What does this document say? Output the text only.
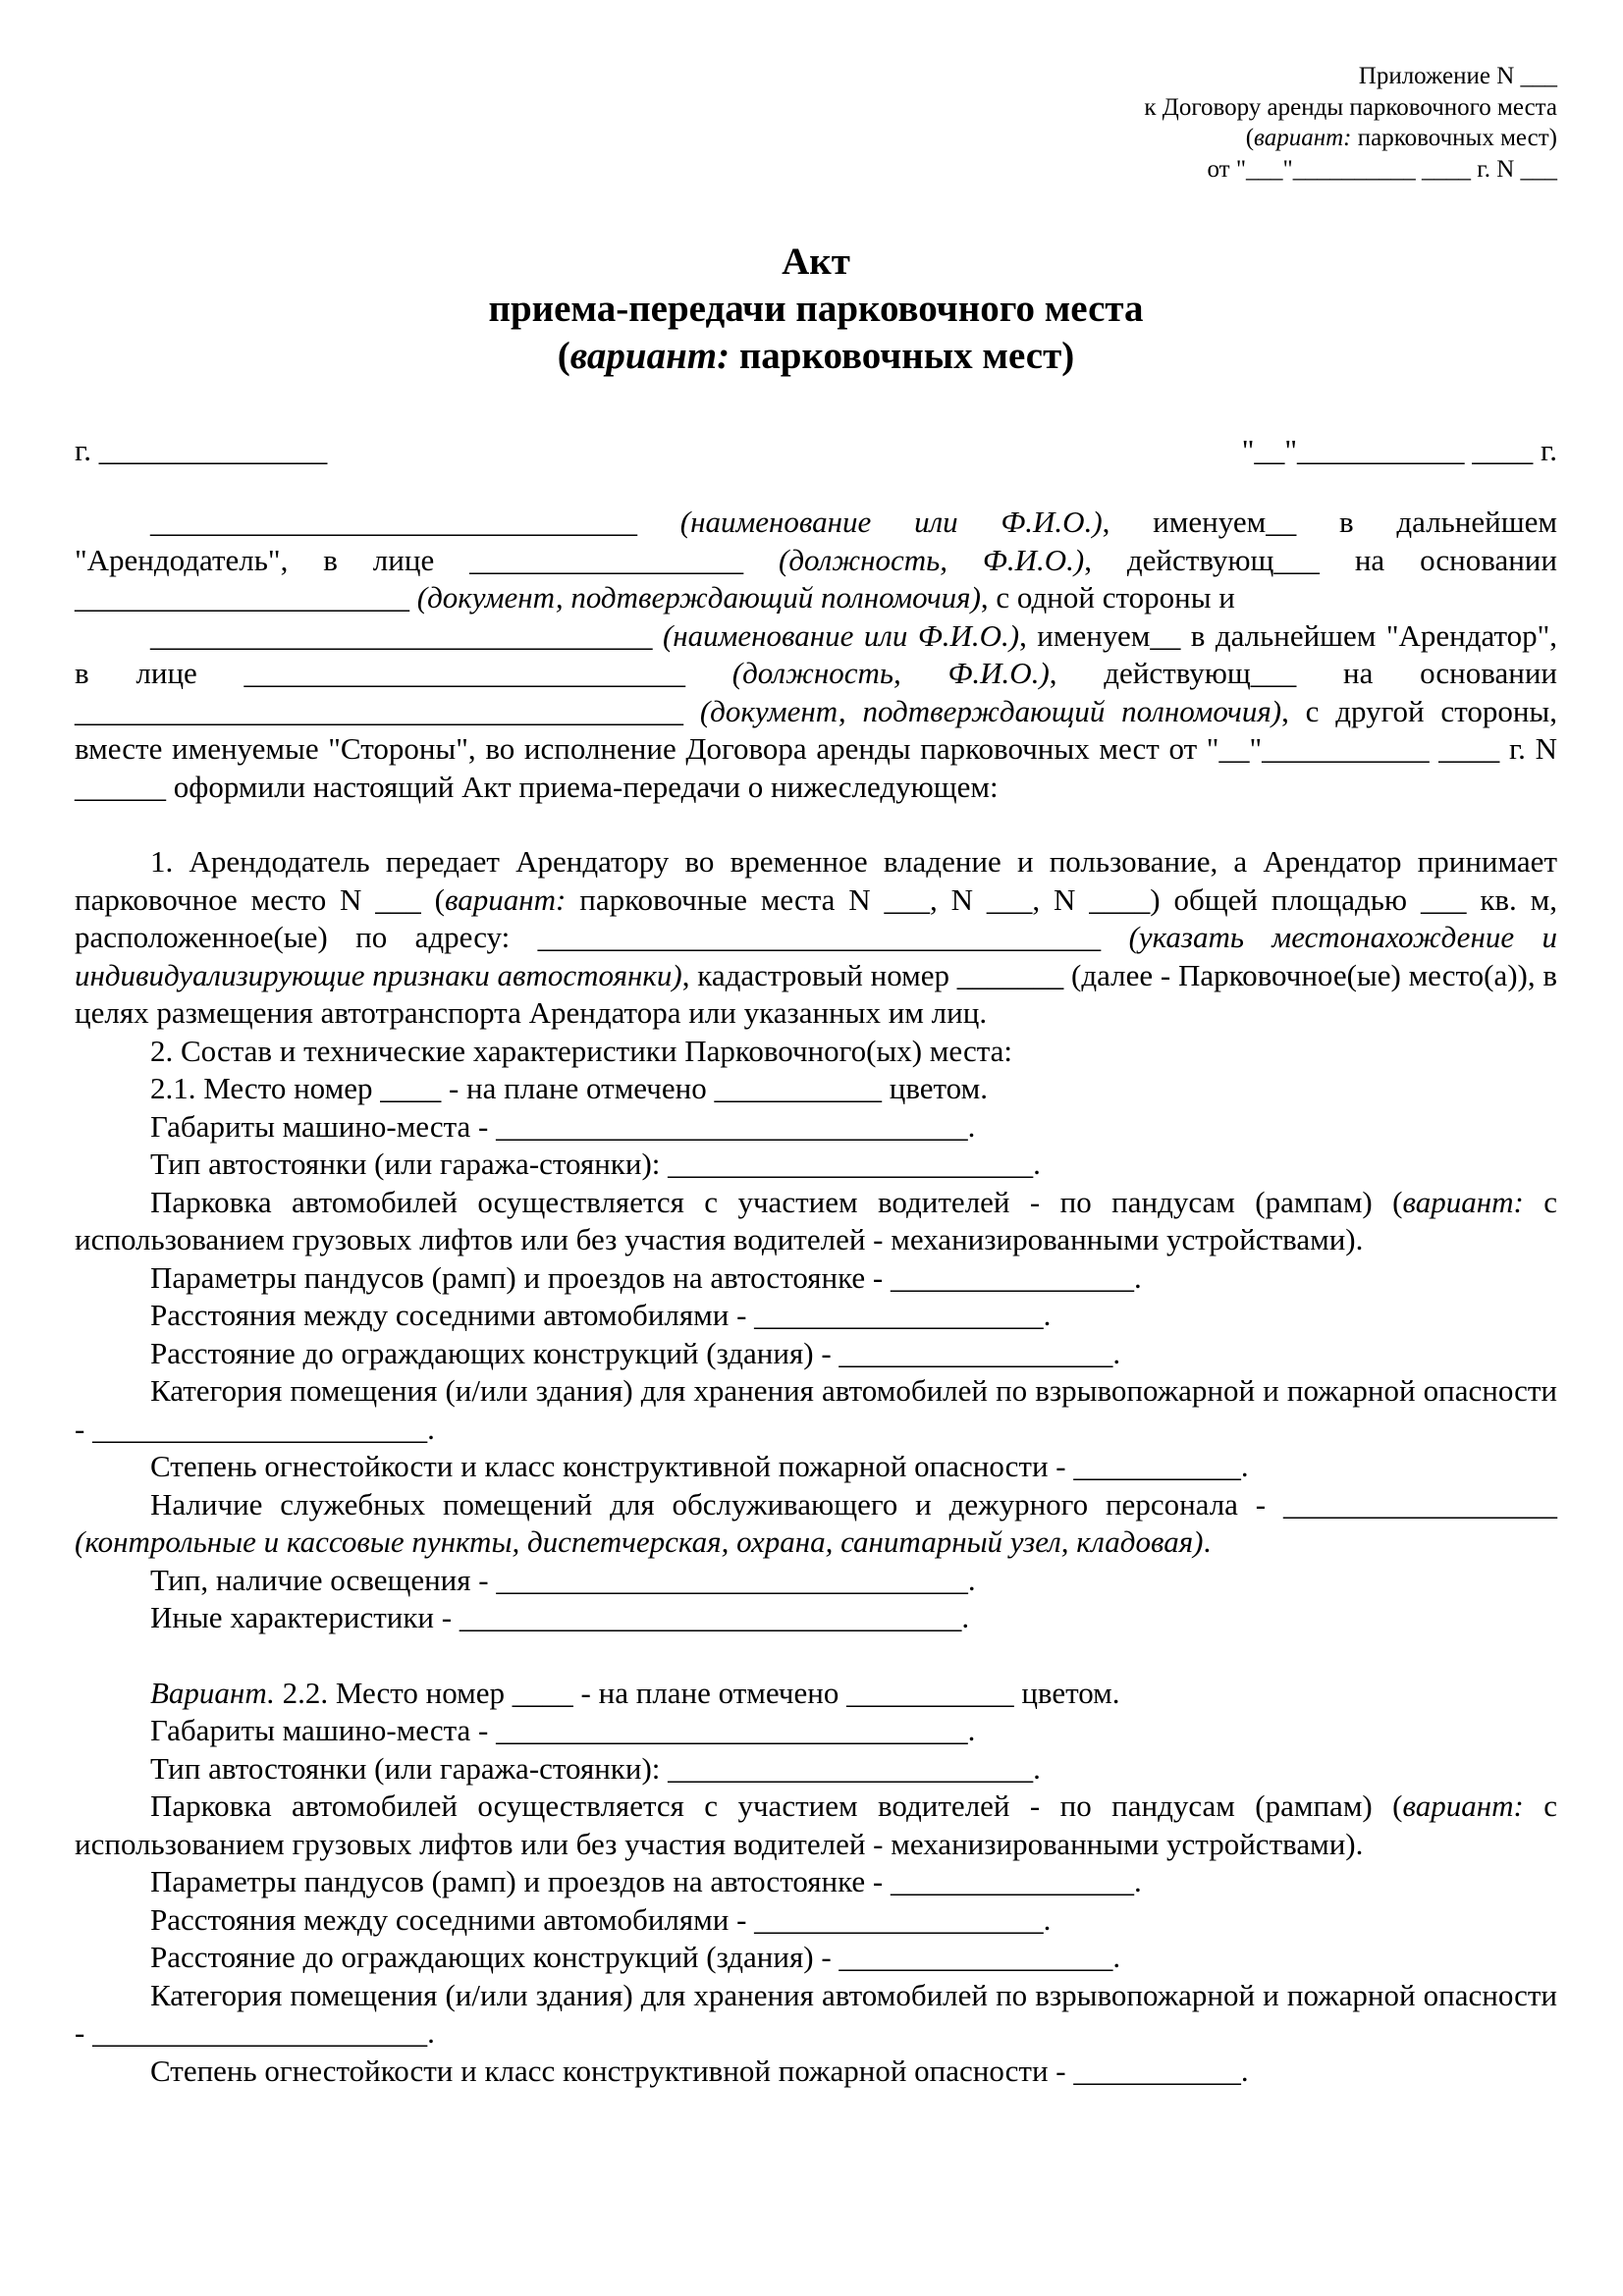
Приложение N ___
к Договору аренды парковочного места
(вариант: парковочных мест)
от "___"__________ ____ г. N ___
Акт
приема-передачи парковочного места
(вариант: парковочных мест)
г. _______________	"__"___________ ____ г.

________________________________ (наименование или Ф.И.О.), именуем__ в дальнейшем "Арендодатель", в лице __________________ (должность, Ф.И.О.), действующ___ на основании ______________________ (документ, подтверждающий полномочия), с одной стороны и

_________________________________ (наименование или Ф.И.О.), именуем__ в дальнейшем "Арендатор", в лице _____________________________ (должность, Ф.И.О.), действующ___ на основании ________________________________________ (документ, подтверждающий полномочия), с другой стороны, вместе именуемые "Стороны", во исполнение Договора аренды парковочных мест от "__"___________ ____ г. N ______ оформили настоящий Акт приема-передачи о нижеследующем:

1. Арендодатель передает Арендатору во временное владение и пользование, а Арендатор принимает парковочное место N ___ (вариант: парковочные места N ___, N ___, N ____) общей площадью ___ кв. м, расположенное(ые) по адресу: _____________________________________ (указать местонахождение и индивидуализирующие признаки автостоянки), кадастровый номер _______ (далее - Парковочное(ые) место(а)), в целях размещения автотранспорта Арендатора или указанных им лиц.

2. Состав и технические характеристики Парковочного(ых) места:

2.1. Место номер ____ - на плане отмечено ___________ цветом.

Габариты машино-места - _______________________________.

Тип автостоянки (или гаража-стоянки): ________________________.

Парковка автомобилей осуществляется с участием водителей - по пандусам (рампам) (вариант: с использованием грузовых лифтов или без участия водителей - механизированными устройствами).

Параметры пандусов (рамп) и проездов на автостоянке - ________________.

Расстояния между соседними автомобилями - ___________________.

Расстояние до ограждающих конструкций (здания) - __________________.

Категория помещения (и/или здания) для хранения автомобилей по взрывопожарной и пожарной опасности - ______________________.

Степень огнестойкости и класс конструктивной пожарной опасности - ___________.

Наличие служебных помещений для обслуживающего и дежурного персонала - __________________ (контрольные и кассовые пункты, диспетчерская, охрана, санитарный узел, кладовая).

Тип, наличие освещения - _______________________________.

Иные характеристики - _________________________________.

Вариант. 2.2. Место номер ____ - на плане отмечено ___________ цветом.

Габариты машино-места - _______________________________.

Тип автостоянки (или гаража-стоянки): ________________________.

Парковка автомобилей осуществляется с участием водителей - по пандусам (рампам) (вариант: с использованием грузовых лифтов или без участия водителей - механизированными устройствами).

Параметры пандусов (рамп) и проездов на автостоянке - ________________.

Расстояния между соседними автомобилями - ___________________.

Расстояние до ограждающих конструкций (здания) - __________________.

Категория помещения (и/или здания) для хранения автомобилей по взрывопожарной и пожарной опасности - ______________________.

Степень огнестойкости и класс конструктивной пожарной опасности - ___________.
